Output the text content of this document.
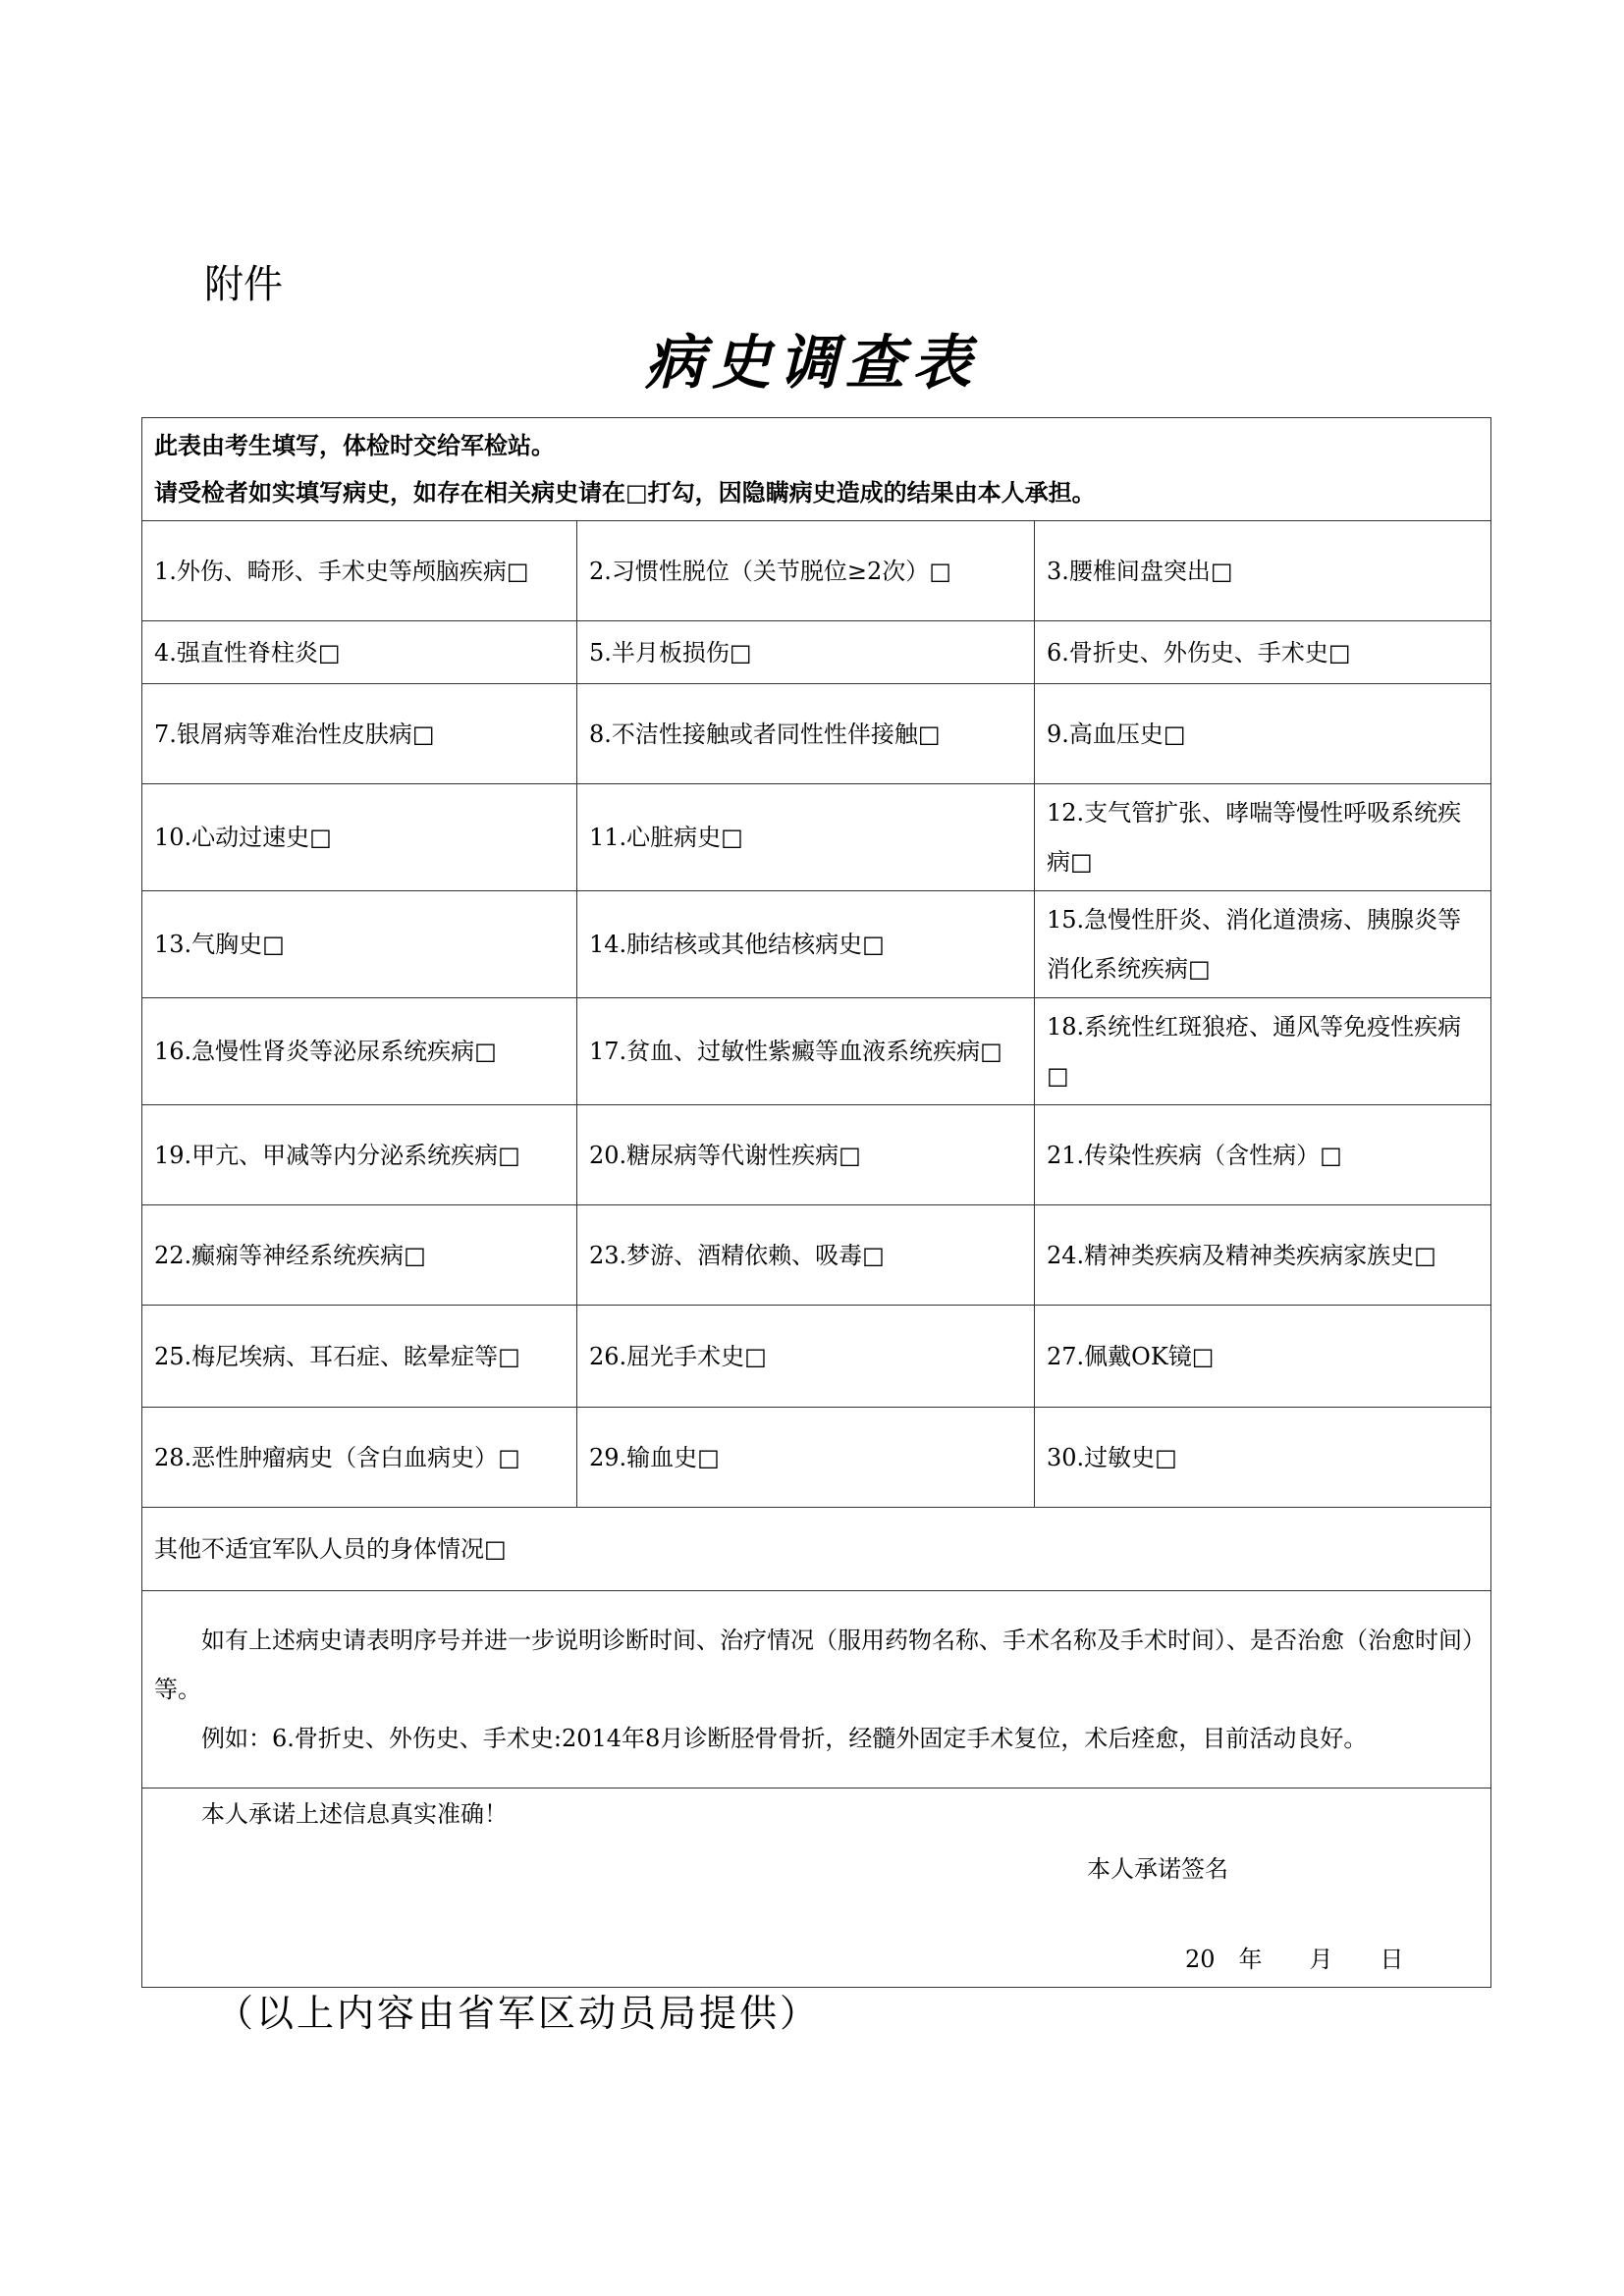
附件
病史调查表
此表由考生填写，体检时交给军检站。
请受检者如实填写病史，如存在相关病史请在□打勾，因隐瞒病史造成的结果由本人承担。		

1.外伤、畸形、手术史等颅脑疾病□	2.习惯性脱位（关节脱位≥2次）□	3.腰椎间盘突出□
4.强直性脊柱炎□	5.半月板损伤□	6.骨折史、外伤史、手术史□
7.银屑病等难治性皮肤病□	8.不洁性接触或者同性性伴接触□	9.高血压史□
10.心动过速史□	11.心脏病史□	12.支气管扩张、哮喘等慢性呼吸系统疾病□
13.气胸史□	14.肺结核或其他结核病史□	15.急慢性肝炎、消化道溃疡、胰腺炎等消化系统疾病□
16.急慢性肾炎等泌尿系统疾病□	17.贫血、过敏性紫癜等血液系统疾病□	18.系统性红斑狼疮、通风等免疫性疾病□
19.甲亢、甲减等内分泌系统疾病□	20.糖尿病等代谢性疾病□	21.传染性疾病（含性病）□
22.癫痫等神经系统疾病□	23.梦游、酒精依赖、吸毒□	24.精神类疾病及精神类疾病家族史□
25.梅尼埃病、耳石症、眩晕症等□	26.屈光手术史□	27.佩戴OK镜□
28.恶性肿瘤病史（含白血病史）□	29.输血史□	30.过敏史□
其他不适宜军队人员的身体情况□		

如有上述病史请表明序号并进一步说明诊断时间、治疗情况（服用药物名称、手术名称及手术时间）、是否治愈（治愈时间）等。
例如：6.骨折史、外伤史、手术史:2014年8月诊断胫骨骨折，经髓外固定手术复位，术后痊愈，目前活动良好。		

本人承诺上述信息真实准确！
本人承诺签名
20　年　　月　　日		
（以上内容由省军区动员局提供）
